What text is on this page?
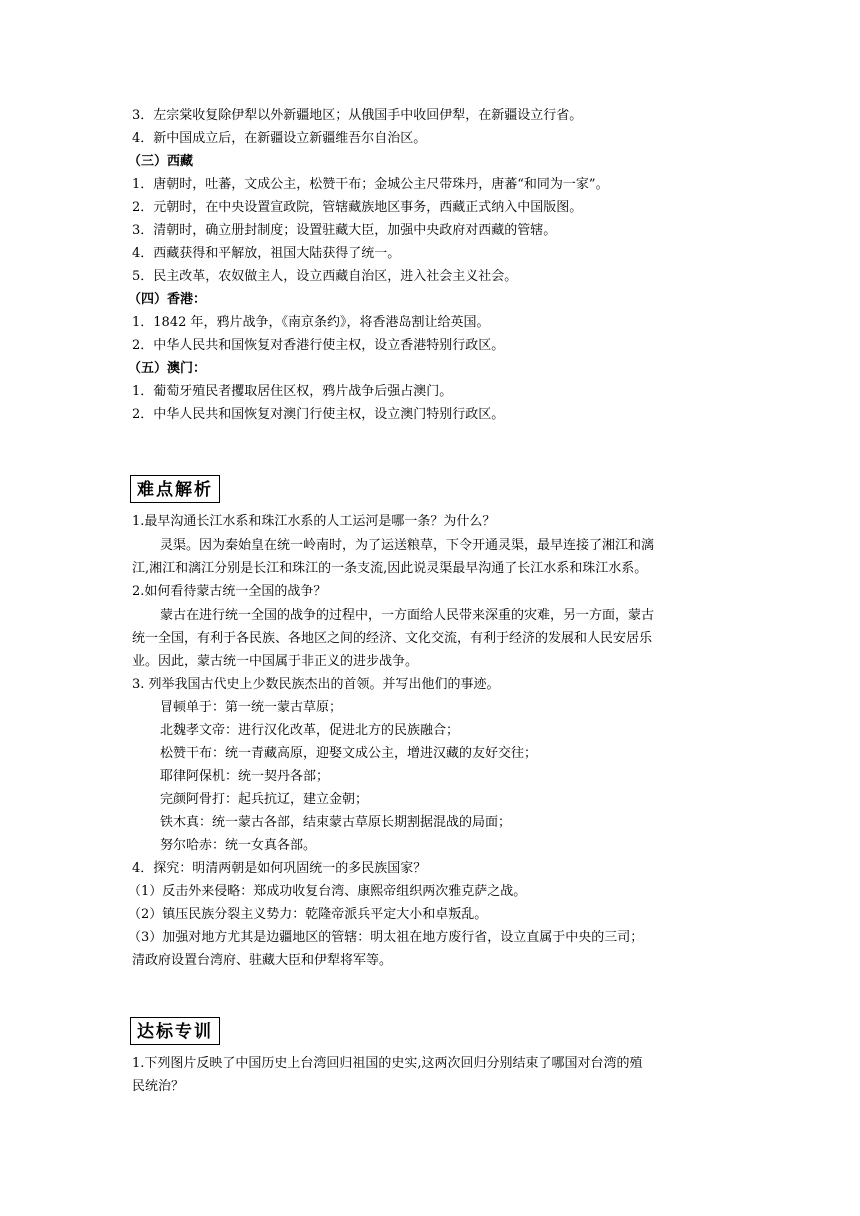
3．左宗棠收复除伊犁以外新疆地区；从俄国手中收回伊犁，在新疆设立行省。
4．新中国成立后，在新疆设立新疆维吾尔自治区。
（三）西藏
1．唐朝时，吐蕃，文成公主，松赞干布；金城公主尺带珠丹，唐蕃“和同为一家”。
2．元朝时，在中央设置宣政院，管辖藏族地区事务，西藏正式纳入中国版图。
3．清朝时，确立册封制度；设置驻藏大臣，加强中央政府对西藏的管辖。
4．西藏获得和平解放，祖国大陆获得了统一。
5．民主改革，农奴做主人，设立西藏自治区，进入社会主义社会。
（四）香港：
1．1842 年，鸦片战争，《南京条约》，将香港岛割让给英国。
2．中华人民共和国恢复对香港行使主权，设立香港特别行政区。
（五）澳门：
1．葡萄牙殖民者攫取居住区权，鸦片战争后强占澳门。
2．中华人民共和国恢复对澳门行使主权，设立澳门特别行政区。
难点解析
1.最早沟通长江水系和珠江水系的人工运河是哪一条？为什么？
灵渠。因为秦始皇在统一岭南时，为了运送粮草，下令开通灵渠，最早连接了湘江和漓
江,湘江和漓江分别是长江和珠江的一条支流,因此说灵渠最早沟通了长江水系和珠江水系。
2.如何看待蒙古统一全国的战争？
蒙古在进行统一全国的战争的过程中，一方面给人民带来深重的灾难，另一方面，蒙古
统一全国，有利于各民族、各地区之间的经济、文化交流，有利于经济的发展和人民安居乐
业。因此，蒙古统一中国属于非正义的进步战争。
3. 列举我国古代史上少数民族杰出的首领。并写出他们的事迹。
冒顿单于：第一统一蒙古草原；
北魏孝文帝：进行汉化改革，促进北方的民族融合；
松赞干布：统一青藏高原，迎娶文成公主，增进汉藏的友好交往；
耶律阿保机：统一契丹各部；
完颜阿骨打：起兵抗辽，建立金朝；
铁木真：统一蒙古各部，结束蒙古草原长期割据混战的局面；
努尔哈赤：统一女真各部。
4．探究：明清两朝是如何巩固统一的多民族国家？
（1）反击外来侵略：郑成功收复台湾、康熙帝组织两次雅克萨之战。
（2）镇压民族分裂主义势力：乾隆帝派兵平定大小和卓叛乱。
（3）加强对地方尤其是边疆地区的管辖：明太祖在地方废行省，设立直属于中央的三司；
清政府设置台湾府、驻藏大臣和伊犁将军等。
达标专训
1.下列图片反映了中国历史上台湾回归祖国的史实,这两次回归分别结束了哪国对台湾的殖
民统治？
